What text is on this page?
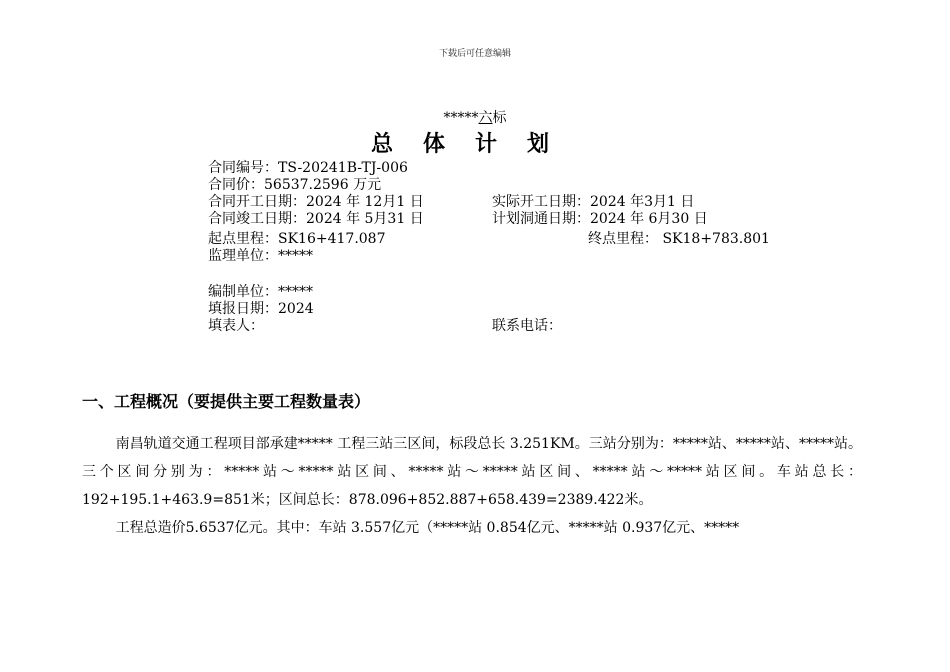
下载后可任意编辑
*****六标
总体计划
合同编号：TS-20241B-TJ-006
合同价：56537.2596 万元
合同开工日期：2024 年 12月1 日	实际开工日期：2024 年3月1 日
合同竣工日期：2024 年 5月31 日	计划洞通日期：2024 年 6月30 日
起点里程：SK16+417.087	终点里程： SK18+783.801
监理单位：*****
编制单位：*****
填报日期：2024
填表人：	联系电话：
一、工程概况（要提供主要工程数量表）

南昌轨道交通工程项目部承建***** 工程三站三区间，标段总长 3.251KM。三站分别为：*****站、*****站、*****站。三个区间分别为：*****站～*****站区间、*****站～*****站区间、*****站～*****站区间。车站总长：192+195.1+463.9=851米；区间总长：878.096+852.887+658.439=2389.422米。

工程总造价5.6537亿元。其中：车站 3.557亿元（*****站 0.854亿元、*****站 0.937亿元、*****
